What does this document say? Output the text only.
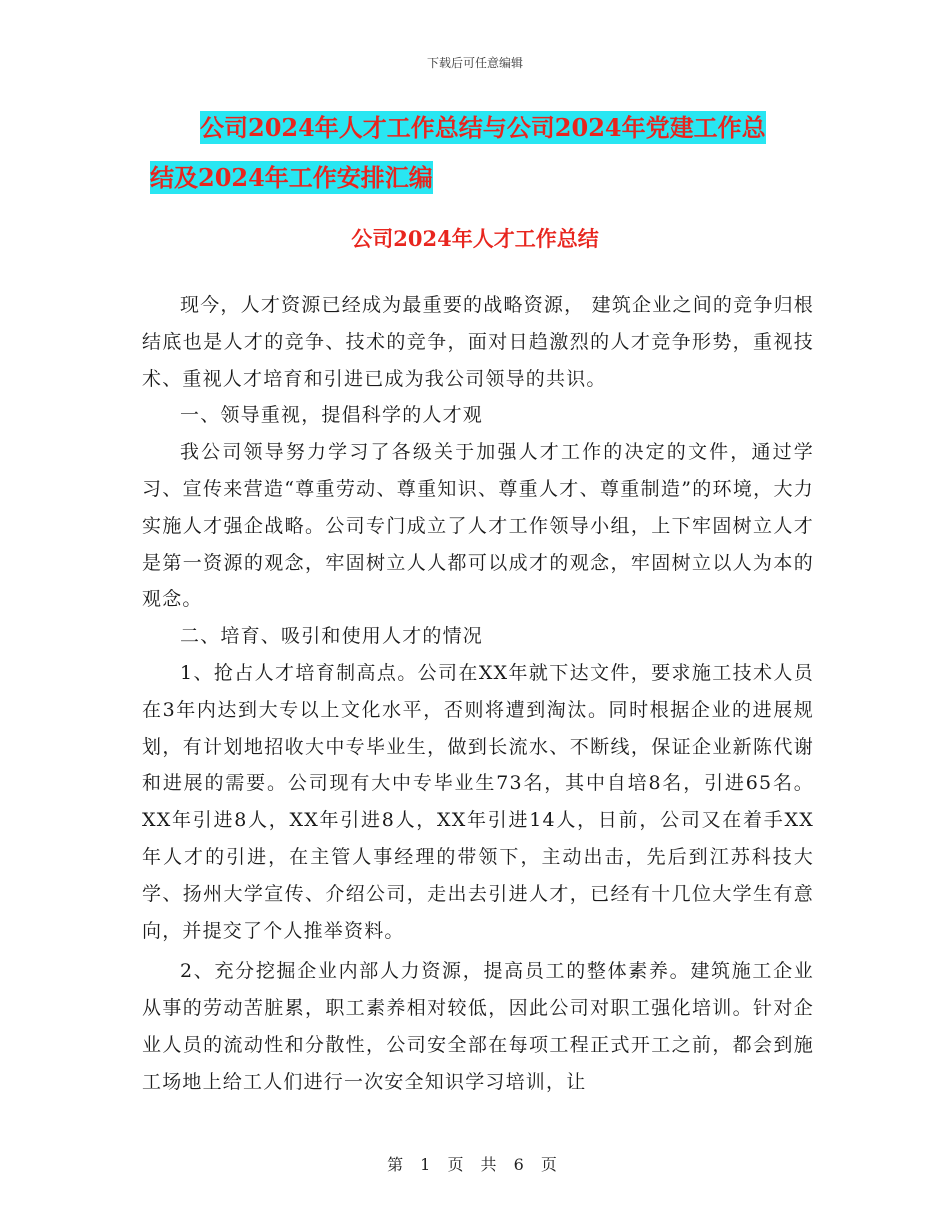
下载后可任意编辑
公司2024年人才工作总结与公司2024年党建工作总
结及2024年工作安排汇编
公司2024年人才工作总结

现今，人才资源已经成为最重要的战略资源， 建筑企业之间的竞争归根结底也是人才的竞争、技术的竞争，面对日趋激烈的人才竞争形势，重视技术、重视人才培育和引进已成为我公司领导的共识。

一、领导重视，提倡科学的人才观

我公司领导努力学习了各级关于加强人才工作的决定的文件，通过学习、宣传来营造“尊重劳动、尊重知识、尊重人才、尊重制造”的环境，大力实施人才强企战略。公司专门成立了人才工作领导小组，上下牢固树立人才是第一资源的观念，牢固树立人人都可以成才的观念，牢固树立以人为本的观念。

二、培育、吸引和使用人才的情况

1、抢占人才培育制高点。公司在XX年就下达文件，要求施工技术人员在3年内达到大专以上文化水平，否则将遭到淘汰。同时根据企业的进展规划，有计划地招收大中专毕业生，做到长流水、不断线，保证企业新陈代谢和进展的需要。公司现有大中专毕业生73名，其中自培8名，引进65名。XX年引进8人，XX年引进8人，XX年引进14人，日前，公司又在着手XX年人才的引进，在主管人事经理的带领下，主动出击，先后到江苏科技大学、扬州大学宣传、介绍公司，走出去引进人才，已经有十几位大学生有意向，并提交了个人推举资料。

2、充分挖掘企业内部人力资源，提高员工的整体素养。建筑施工企业从事的劳动苦脏累，职工素养相对较低，因此公司对职工强化培训。针对企业人员的流动性和分散性，公司安全部在每项工程正式开工之前，都会到施工场地上给工人们进行一次安全知识学习培训，让

第 1 页 共 6 页
